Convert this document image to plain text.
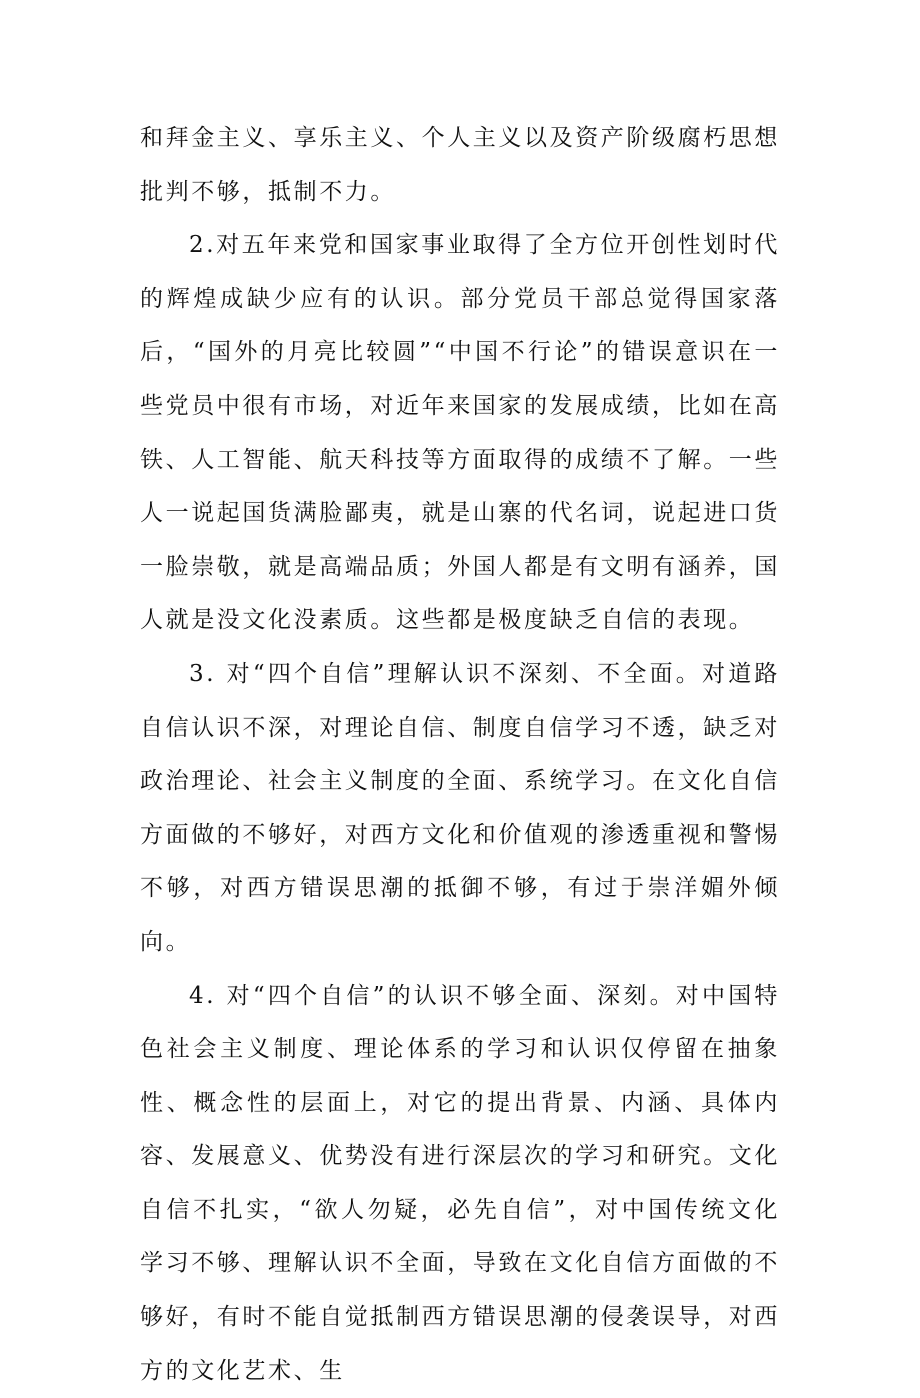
和拜金主义、享乐主义、个人主义以及资产阶级腐朽思想批判不够，抵制不力。

2.对五年来党和国家事业取得了全方位开创性划时代的辉煌成缺少应有的认识。部分党员干部总觉得国家落后，“国外的月亮比较圆”“中国不行论”的错误意识在一些党员中很有市场，对近年来国家的发展成绩，比如在高铁、人工智能、航天科技等方面取得的成绩不了解。一些人一说起国货满脸鄙夷，就是山寨的代名词，说起进口货一脸崇敬，就是高端品质；外国人都是有文明有涵养，国人就是没文化没素质。这些都是极度缺乏自信的表现。

3. 对“四个自信”理解认识不深刻、不全面。对道路自信认识不深，对理论自信、制度自信学习不透，缺乏对政治理论、社会主义制度的全面、系统学习。在文化自信方面做的不够好，对西方文化和价值观的渗透重视和警惕不够，对西方错误思潮的抵御不够，有过于崇洋媚外倾向。

4. 对“四个自信”的认识不够全面、深刻。对中国特色社会主义制度、理论体系的学习和认识仅停留在抽象性、概念性的层面上，对它的提出背景、内涵、具体内容、发展意义、优势没有进行深层次的学习和研究。文化自信不扎实，“欲人勿疑，必先自信”，对中国传统文化学习不够、理解认识不全面，导致在文化自信方面做的不够好，有时不能自觉抵制西方错误思潮的侵袭误导，对西方的文化艺术、生
